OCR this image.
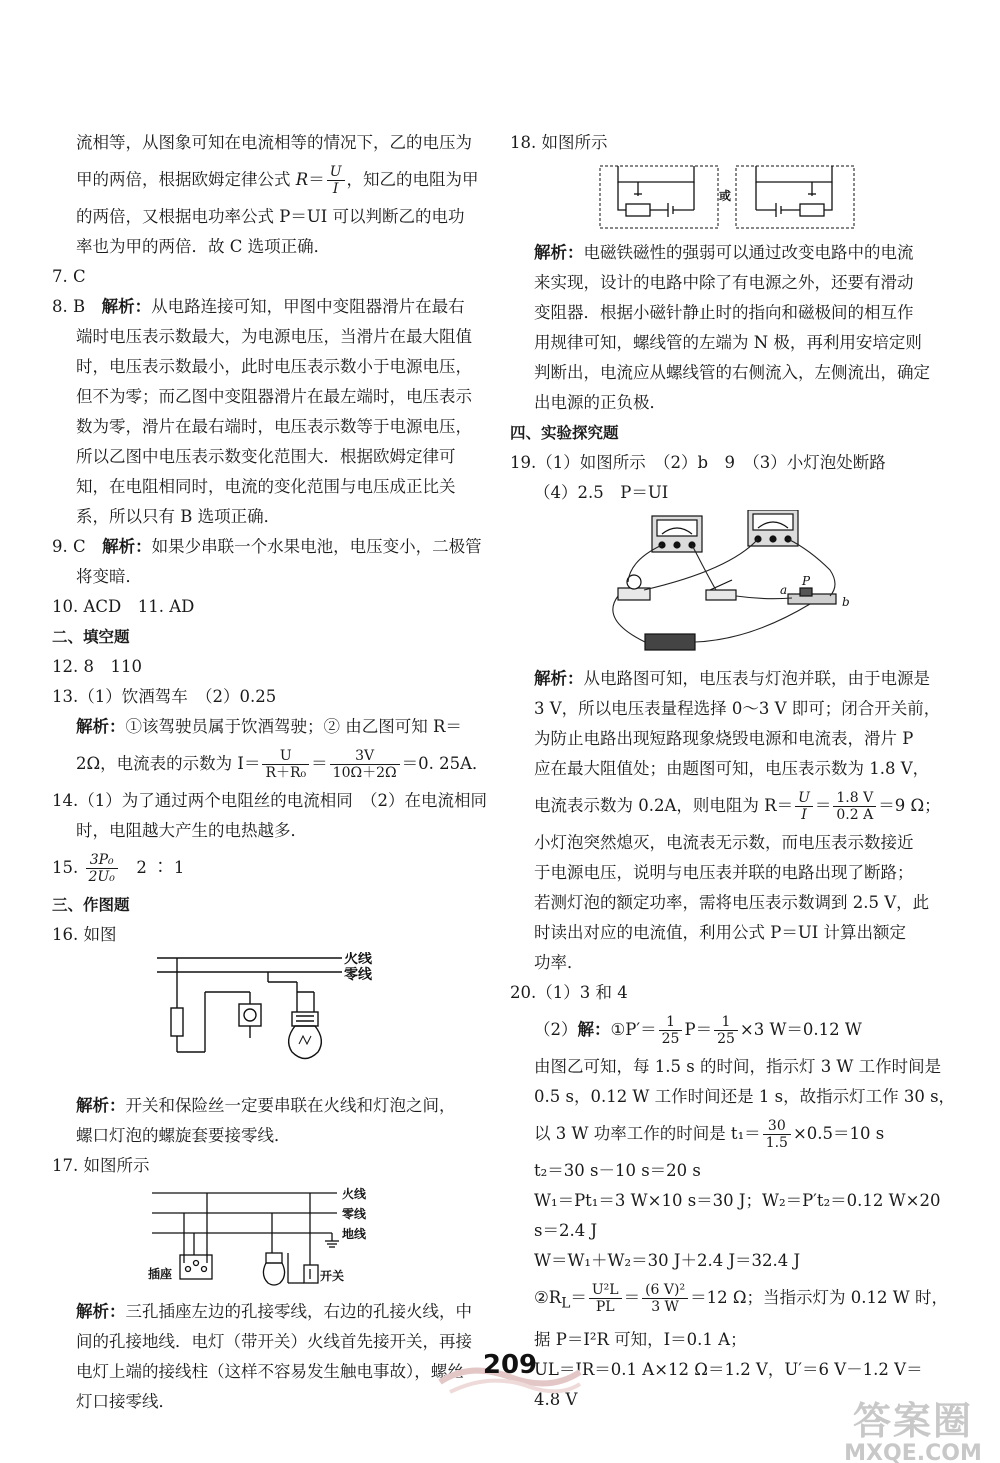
流相等，从图象可知在电流相等的情况下，乙的电压为

甲的两倍，根据欧姆定律公式 $R= \frac{U}{I}$ ，知乙的电阻为甲

的两倍，又根据电功率公式 P＝UI 可以判断乙的电功

率也为甲的两倍．故 C 选项正确．

7. C

8. B　 解析：从电路连接可知，甲图中变阻器滑片在最右

端时电压表示数最大，为电源电压，当滑片在最大阻值

时，电压表示数最小，此时电压表示数小于电源电压，

但不为零；而乙图中变阻器滑片在最左端时，电压表示

数为零，滑片在最右端时，电压表示数等于电源电压，

所以乙图中电压表示数变化范围大．根据欧姆定律可

知，在电阻相同时，电流的变化范围与电压成正比关

系，所以只有 B 选项正确．

9. C　 解析：如果少串联一个水果电池，电压变小，二极管

将变暗．

10. ACD　11. AD

二、填空题

12. 8　110

13.（1）饮酒驾车　（2）0.25

解析：①该驾驶员属于饮酒驾驶；② 由乙图可知 R＝

2Ω，电流表的示数为 $I= \frac{U}{\text{R＋R₀}} = \frac{3V}{10\Omega+2\Omega} =0$. 25A．

14.（1）为了通过两个电阻丝的电流相同　（2）在电流相同

时，电阻越大产生的电热越多．

15. $\frac{\text{3P₀}}{\text{2U₀}}$ 　2 ∶ 1

三、作图题

16. 如图

火线
零线

解析：开关和保险丝一定要串联在火线和灯泡之间，

螺口灯泡的螺旋套要接零线．

17. 如图所示

火线
零线
地线
插座	开关

解析：三孔插座左边的孔接零线，右边的孔接火线，中

间的孔接地线．电灯（带开关）火线首先接开关，再接

电灯上端的接线柱（这样不容易发生触电事故），螺丝

灯口接零线．

18. 如图所示

或

解析：电磁铁磁性的强弱可以通过改变电路中的电流

来实现，设计的电路中除了有电源之外，还要有滑动

变阻器．根据小磁针静止时的指向和磁极间的相互作

用规律可知，螺线管的左端为 N 极，再利用安培定则

判断出，电流应从螺线管的右侧流入，左侧流出，确定

出电源的正负极．

四、实验探究题

19.（1）如图所示　（2）b　9　（3）小灯泡处断路

（4）2.5　P＝UI

a
P
b

解析：从电路图可知，电压表与灯泡并联，由于电源是

3 V，所以电压表量程选择 0～3 V 即可；闭合开关前，

为防止电路出现短路现象烧毁电源和电流表，滑片 P

应在最大阻值处；由题图可知，电压表示数为 1.8 V，

电流表示数为 0.2A，则电阻为 $R= \frac{U}{I} = \frac{1.8 V}{0.2 A} =9$ Ω；

小灯泡突然熄灭，电流表无示数，而电压表示数接近

于电源电压，说明与电压表并联的电路出现了断路；

若测灯泡的额定功率，需将电压表示数调到 2.5 V，此

时读出对应的电流值，利用公式 P＝UI 计算出额定

功率．

20.（1）3 和 4

（2）解：①P′＝ $\frac{1}{25} P= \frac{1}{25} \times 3$ W＝0.12 W

由图乙可知，每 1.5 s 的时间，指示灯 3 W 工作时间是

0.5 s，0.12 W 工作时间还是 1 s，故指示灯工作 30 s，

以 3 W 功率工作的时间是 $t_1= \frac{30}{1.5} \times 0.5=10$ s

t₂＝30 s－10 s＝20 s

W₁＝Pt₁＝3 W×10 s＝30 J；W₂＝P′t₂＝0.12 W×20

s＝2.4 J

W＝W₁＋W₂＝30 J＋2.4 J＝32.4 J

$②R_L= \frac{\text{U²L}}{PL} = \frac{\text{(6 V)²}}{3 W} =12$ Ω；当指示灯为 0.12 W 时，

据 P＝I²R 可知，I＝0.1 A；

UL＝IR＝0.1 A×12 Ω＝1.2 V，U′＝6 V－1.2 V＝

4.8 V

209
答案圈
MXQE.COM
